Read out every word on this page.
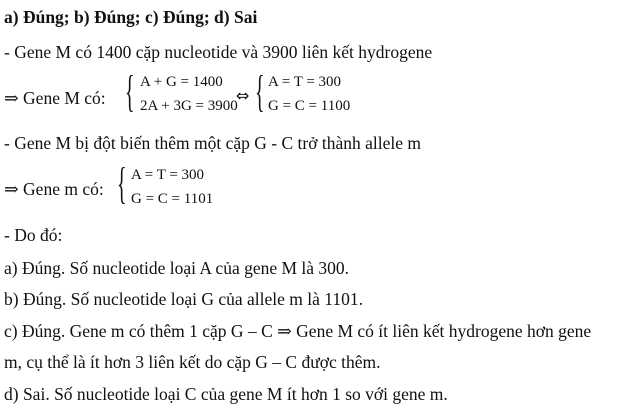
a) Đúng; b) Đúng; c) Đúng; d) Sai
- Gene M có 1400 cặp nucleotide và 3900 liên kết hydrogene
⇒ Gene M có: { A + G = 1400
2A + 3G = 3900
⇔ { A = T = 300
G = C = 1100
- Gene M bị đột biến thêm một cặp G - C trở thành allele m
⇒ Gene m có: { A = T = 300
G = C = 1101
- Do đó:
a) Đúng. Số nucleotide loại A của gene M là 300.
b) Đúng. Số nucleotide loại G của allele m là 1101.
c) Đúng. Gene m có thêm 1 cặp G – C ⇒ Gene M có ít liên kết hydrogene hơn gene
m, cụ thể là ít hơn 3 liên kết do cặp G – C được thêm.
d) Sai. Số nucleotide loại C của gene M ít hơn 1 so với gene m.
